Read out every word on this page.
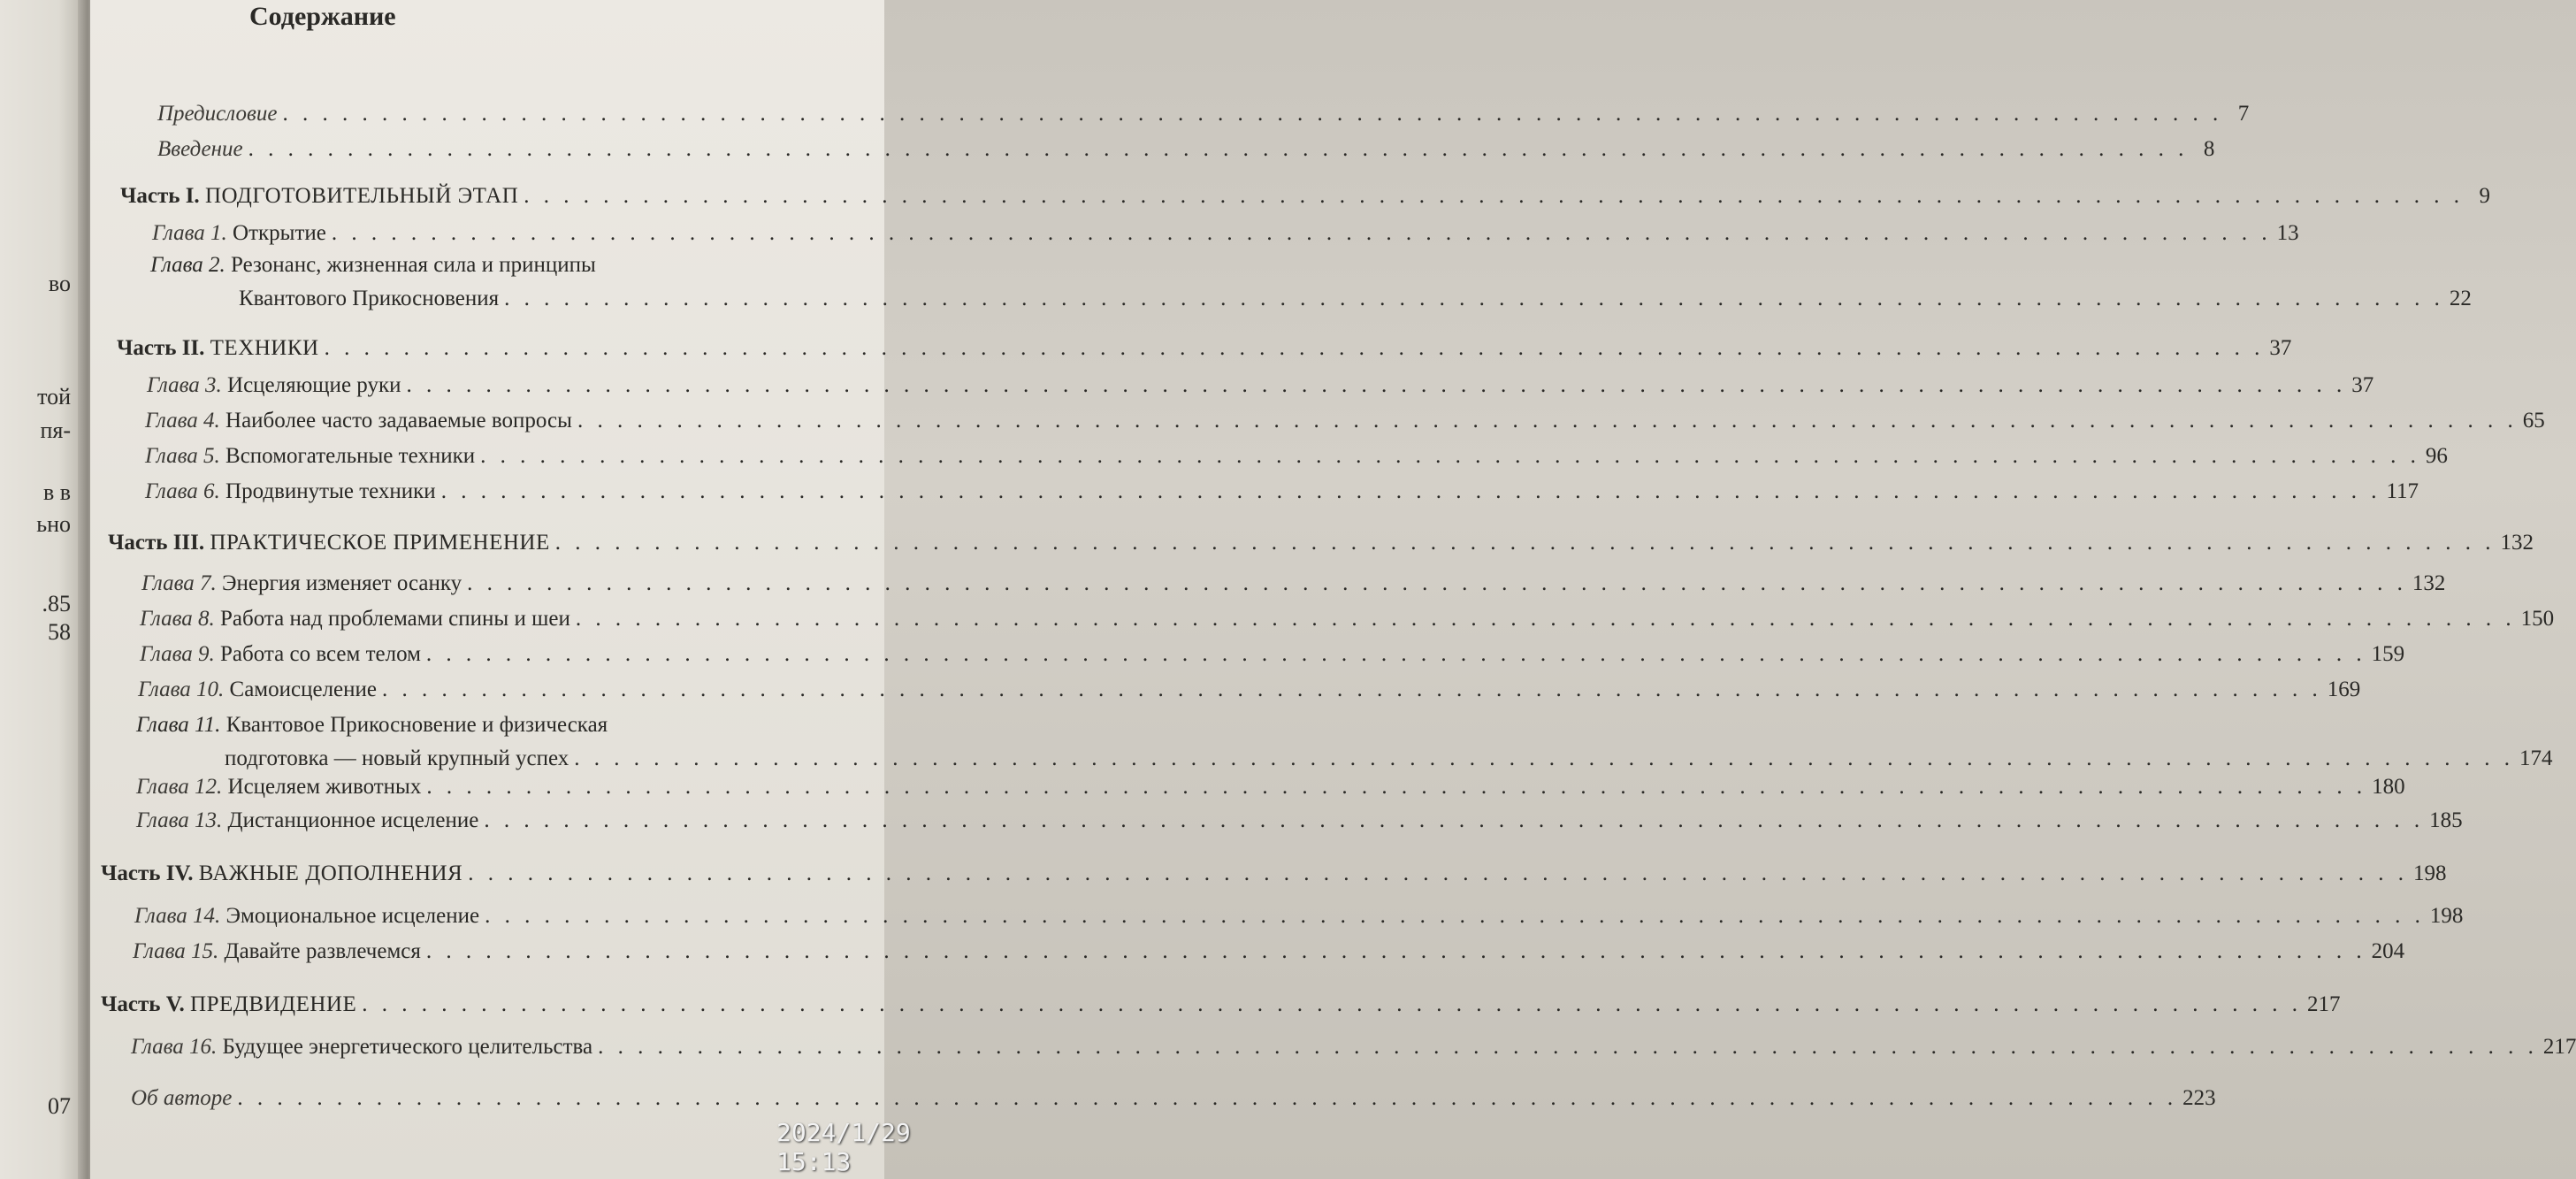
во
той
пя-
в в
ьно
.85
58
07
Содержание
Предисловие . . .	7
Введение . . .	8
Часть I. ПОДГОТОВИТЕЛЬНЫЙ ЭТАП . . .	9
Глава 1. Открытие . . .	13
Глава 2. Резонанс, жизненная сила и принципы
Квантового Прикосновения . . .	22
Часть II. ТЕХНИКИ . . .	37
Глава 3. Исцеляющие руки . . .	37
Глава 4. Наиболее часто задаваемые вопросы . . .	65
Глава 5. Вспомогательные техники . . .	96
Глава 6. Продвинутые техники . . .	117
Часть III. ПРАКТИЧЕСКОЕ ПРИМЕНЕНИЕ . . .	132
Глава 7. Энергия изменяет осанку . . .	132
Глава 8. Работа над проблемами спины и шеи . . .	150
Глава 9. Работа со всем телом . . .	159
Глава 10. Самоисцеление . . .	169
Глава 11. Квантовое Прикосновение и физическая
подготовка — новый крупный успех . . .	174
Глава 12. Исцеляем животных . . .	180
Глава 13. Дистанционное исцеление . . .	185
Часть IV. ВАЖНЫЕ ДОПОЛНЕНИЯ . . .	198
Глава 14. Эмоциональное исцеление . . .	198
Глава 15. Давайте развлечемся . . .	204
Часть V. ПРЕДВИДЕНИЕ . . .	217
Глава 16. Будущее энергетического целительства . . .	217
Об авторе . . .	223
2024/1/29 15:13
